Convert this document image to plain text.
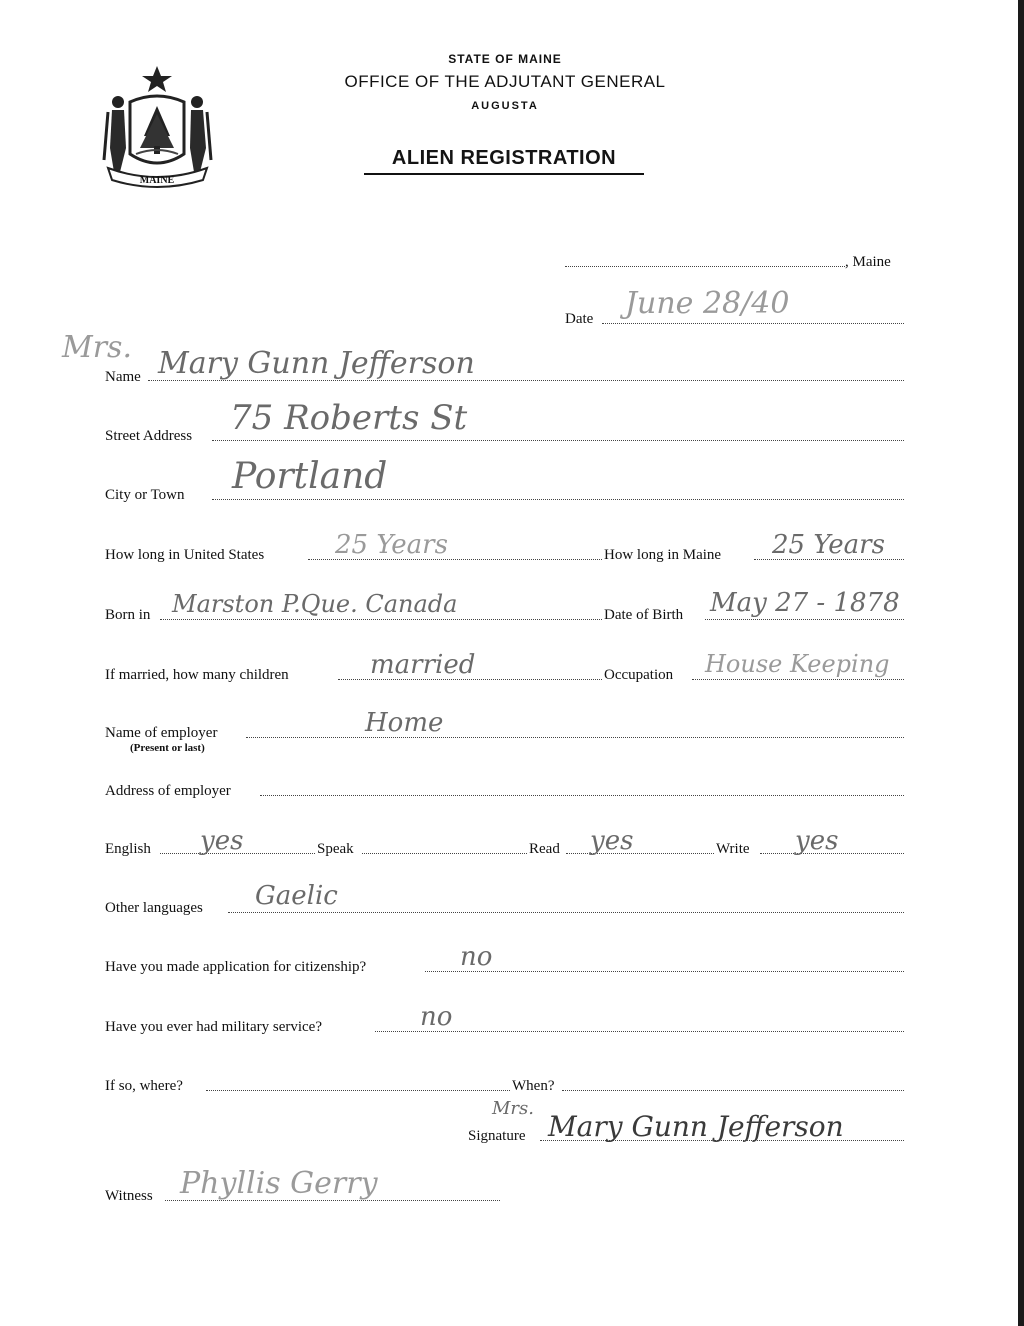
MAINE
STATE OF MAINE
OFFICE OF THE ADJUTANT GENERAL
AUGUSTA
ALIEN REGISTRATION
, Maine
Date June 28/40
Mrs.
Name Mary Gunn Jefferson
Street Address 75 Roberts St
City or Town Portland
How long in United States	25 Years	How long in Maine 25 Years
Born in Marston P.Que. Canada	Date of Birth May 27 - 1878
If married, how many children	married	Occupation House Keeping
Name of employer
(Present or last)
Home
Address of employer
English yes	Speak	Read yes	Write yes
Other languages Gaelic
Have you made application for citizenship?	no
Have you ever had military service?	no
If so, where?	When?
Mrs.
Signature Mary Gunn Jefferson
Witness Phyllis Gerry
